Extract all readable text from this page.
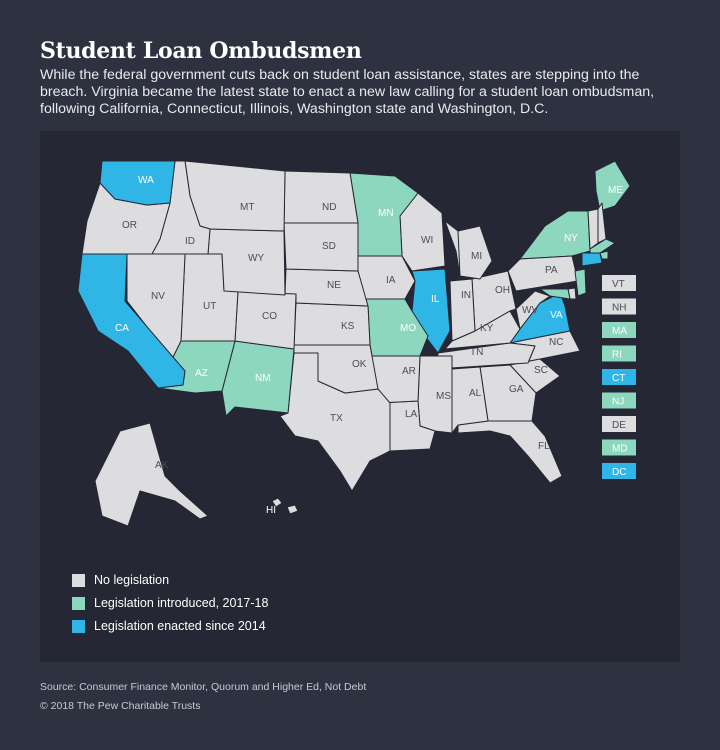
Student Loan Ombudsmen
While the federal government cuts back on student loan assistance, states are stepping into the breach. Virginia became the latest state to enact a new law calling for a student loan ombudsman, following California, Connecticut, Illinois, Washington state and Washington, D.C.
WA
OR
CA
NV
ID
MT
WY
UT
AZ
CO
NM
ND
SD
NE
KS
OK
TX
MN
IA
MO
AR
LA
WI
IL
MS
MI
IN
KY
TN
AL
OH
GA
FL
SC
NC
VA
WV
PA
NY
ME
AK
HI
VT
NH
MA
RI
CT
NJ
DE
MD
DC
No legislation
Legislation introduced, 2017-18
Legislation enacted since 2014
Source: Consumer Finance Monitor, Quorum and Higher Ed, Not Debt
© 2018 The Pew Charitable Trusts
